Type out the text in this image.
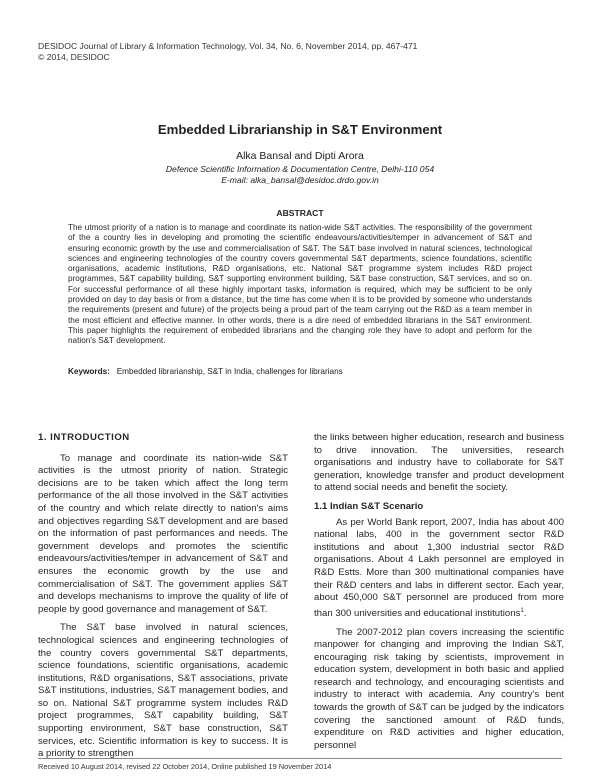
DESIDOC Journal of Library & Information Technology, Vol. 34, No. 6, November 2014, pp. 467-471
© 2014, DESIDOC
Embedded Librarianship in S&T Environment
Alka Bansal and Dipti Arora
Defence Scientific Information & Documentation Centre, Delhi-110 054
E-mail: alka_bansal@desidoc.drdo.gov.in
ABSTRACT
The utmost priority of a nation is to manage and coordinate its nation-wide S&T activities. The responsibility of the government of the a country lies in developing and promoting the scientific endeavours/activities/temper in advancement of S&T and ensuring economic growth by the use and commercialisation of S&T. The S&T base involved in natural sciences, technological sciences and engineering technologies of the country covers governmental S&T departments, science foundations, scientific organisations, academic institutions, R&D organisations, etc. National S&T programme system includes R&D project programmes, S&T capability building, S&T supporting environment building, S&T base construction, S&T services, and so on. For successful performance of all these highly important tasks, information is required, which may be sufficient to be only provided on day to day basis or from a distance, but the time has come when it is to be provided by someone who understands the requirements (present and future) of the projects being a proud part of the team carrying out the R&D as a team member in the most efficient and effective manner. In other words, there is a dire need of embedded librarians in the S&T environment. This paper highlights the requirement of embedded librarians and the changing role they have to adopt and perform for the nation's S&T development.
Keywords: Embedded librarianship, S&T in India, challenges for librarians
1. INTRODUCTION

To manage and coordinate its nation-wide S&T activities is the utmost priority of nation. Strategic decisions are to be taken which affect the long term performance of the all those involved in the S&T activities of the country and which relate directly to nation's aims and objectives regarding S&T development and are based on the information of past performances and needs. The government develops and promotes the scientific endeavours/activities/temper in advancement of S&T and ensures the economic growth by the use and commercialisation of S&T. The government applies S&T and develops mechanisms to improve the quality of life of people by good governance and management of S&T.

The S&T base involved in natural sciences, technological sciences and engineering technologies of the country covers governmental S&T departments, science foundations, scientific organisations, academic institutions, R&D organisations, S&T associations, private S&T institutions, industries, S&T management bodies, and so on. National S&T programme system includes R&D project programmes, S&T capability building, S&T supporting environment, S&T base construction, S&T services, etc. Scientific information is key to success. It is a priority to strengthen

the links between higher education, research and business to drive innovation. The universities, research organisations and industry have to collaborate for S&T generation, knowledge transfer and product development to attend social needs and benefit the society.

1.1 Indian S&T Scenario

As per World Bank report, 2007, India has about 400 national labs, 400 in the government sector R&D institutions and about 1,300 industrial sector R&D organisations. About 4 Lakh personnel are employed in R&D Estts. More than 300 multinational companies have their R&D centers and labs in different sector. Each year, about 450,000 S&T personnel are produced from more than 300 universities and educational institutions$^1$.

The 2007-2012 plan covers increasing the scientific manpower for changing and improving the Indian S&T, encouraging risk taking by scientists, improvement in education system, development in both basic and applied research and technology, and encouraging scientists and industry to interact with academia. Any country's bent towards the growth of S&T can be judged by the indicators covering the sanctioned amount of R&D funds, expenditure on R&D activities and higher education, personnel

Received 10 August 2014, revised 22 October 2014, Online published 19 November 2014
